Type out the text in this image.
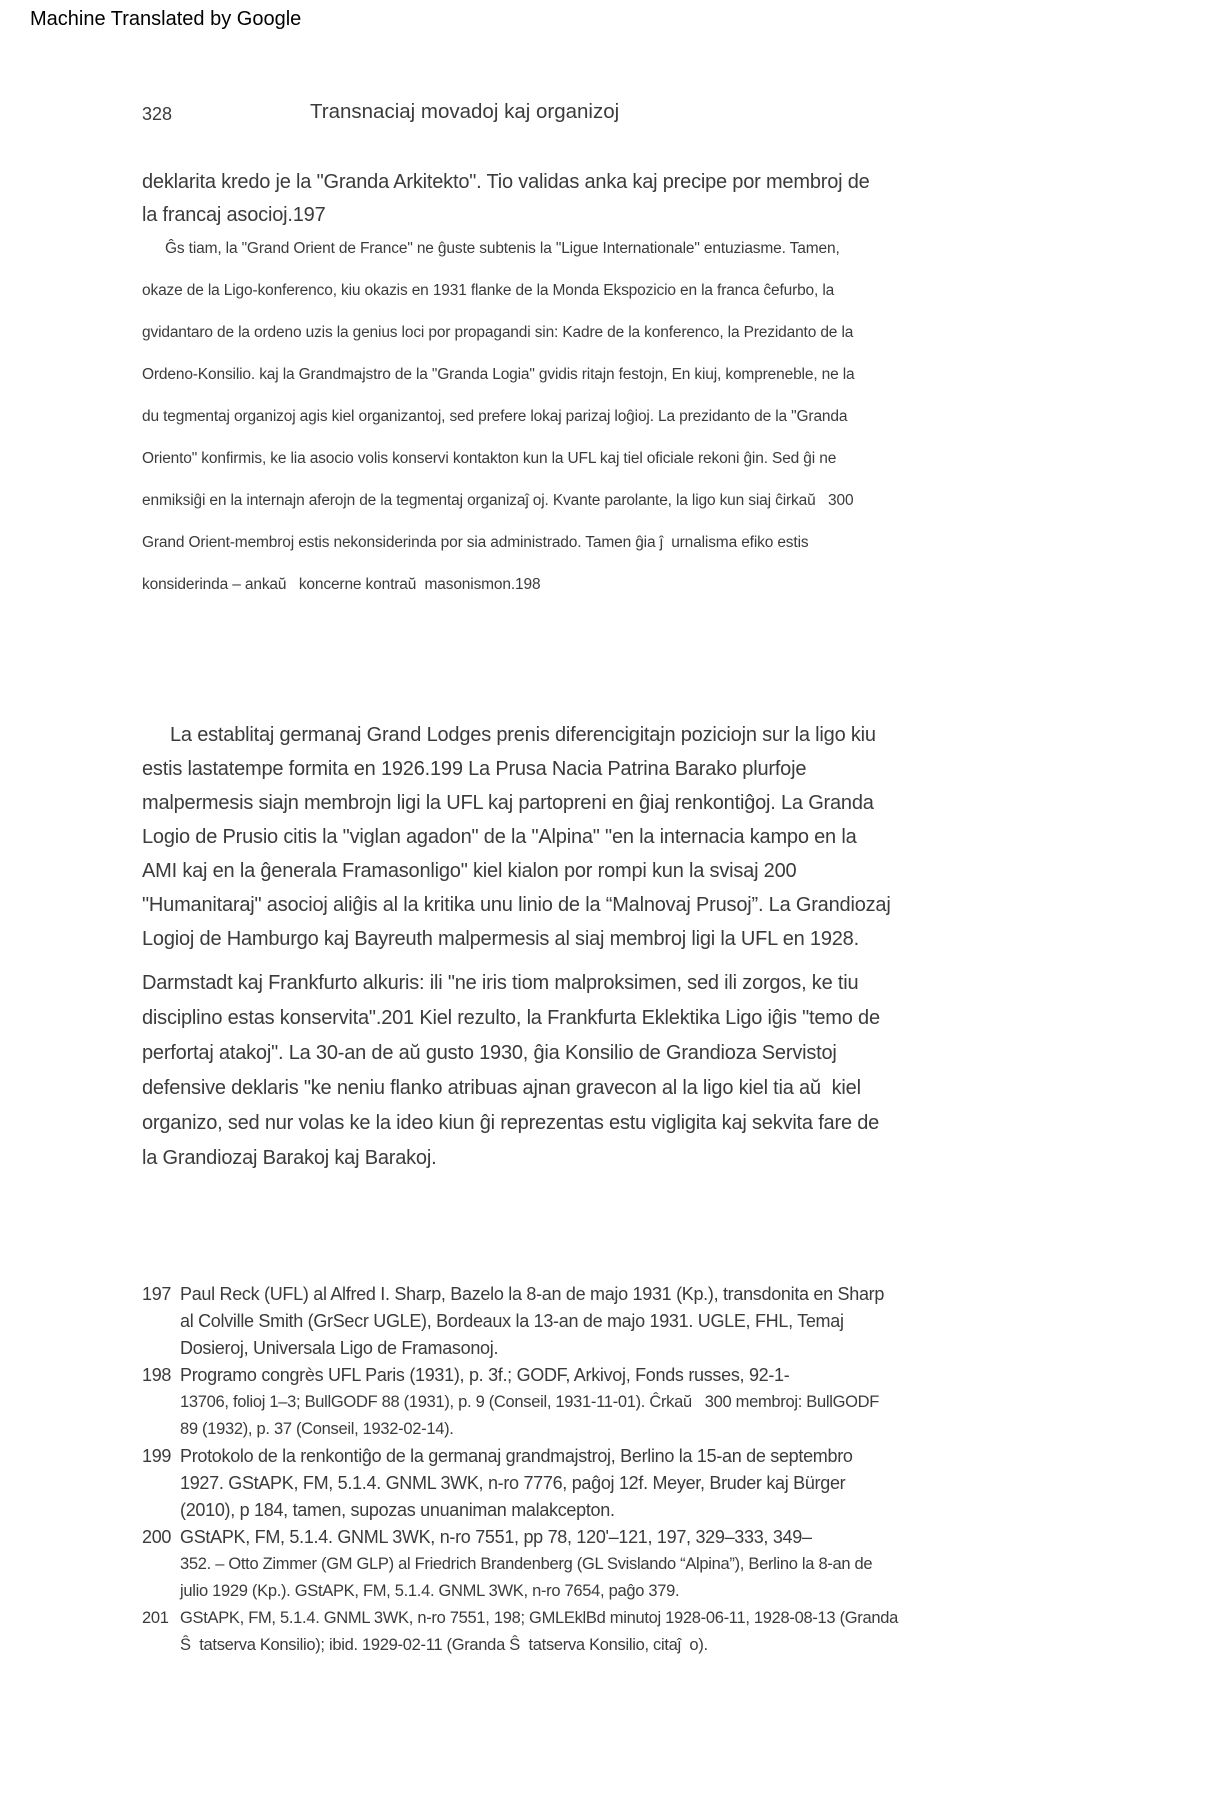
Machine Translated by Google
328	Transnaciaj movadoj kaj organizoj
deklarita kredo je la "Granda Arkitekto". Tio validas anka kaj precipe por membroj de
la francaj asocioj.197
Ĝs tiam, la "Grand Orient de France" ne ĝuste subtenis la "Ligue Internationale" entuziasme. Tamen,
okaze de la Ligo-konferenco, kiu okazis en 1931 flanke de la Monda Ekspozicio en la franca ĉefurbo, la
gvidantaro de la ordeno uzis la genius loci por propagandi sin: Kadre de la konferenco, la Prezidanto de la
Ordeno-Konsilio. kaj la Grandmajstro de la "Granda Logia" gvidis ritajn festojn, En kiuj, kompreneble, ne la
du tegmentaj organizoj agis kiel organizantoj, sed prefere lokaj parizaj loĝioj. La prezidanto de la "Granda
Oriento" konfirmis, ke lia asocio volis konservi kontakton kun la UFL kaj tiel oficiale rekoni ĝin. Sed ĝi ne
enmiksiĝi en la internajn aferojn de la tegmentaj organizaĵ oj. Kvante parolante, la ligo kun siaj ĉirkaŭ   300
Grand Orient-membroj estis nekonsiderinda por sia administrado. Tamen ĝia ĵ  urnalisma efiko estis
konsiderinda – ankaŭ   koncerne kontraŭ  masonismon.198
La establitaj germanaj Grand Lodges prenis diferencigitajn poziciojn sur la ligo kiu
estis lastatempe formita en 1926.199 La Prusa Nacia Patrina Barako plurfoje
malpermesis siajn membrojn ligi la UFL kaj partopreni en ĝiaj renkontiĝoj. La Granda
Logio de Prusio citis la "viglan agadon" de la "Alpina" "en la internacia kampo en la
AMI kaj en la ĝenerala Framasonligo" kiel kialon por rompi kun la svisaj 200
"Humanitaraj" asocioj aliĝis al la kritika unu linio de la “Malnovaj Prusoj”. La Grandiozaj
Logioj de Hamburgo kaj Bayreuth malpermesis al siaj membroj ligi la UFL en 1928.
Darmstadt kaj Frankfurto alkuris: ili "ne iris tiom malproksimen, sed ili zorgos, ke tiu
disciplino estas konservita".201 Kiel rezulto, la Frankfurta Eklektika Ligo iĝis "temo de
perfortaj atakoj". La 30-an de aŭ gusto 1930, ĝia Konsilio de Grandioza Servistoj
defensive deklaris "ke neniu flanko atribuas ajnan gravecon al la ligo kiel tia aŭ  kiel
organizo, sed nur volas ke la ideo kiun ĝi reprezentas estu vigligita kaj sekvita fare de
la Grandiozaj Barakoj kaj Barakoj.
197 Paul Reck (UFL) al Alfred I. Sharp, Bazelo la 8-an de majo 1931 (Kp.), transdonita en Sharp
al Colville Smith (GrSecr UGLE), Bordeaux la 13-an de majo 1931. UGLE, FHL, Temaj
Dosieroj, Universala Ligo de Framasonoj.
198 Programo congrès UFL Paris (1931), p. 3f.; GODF, Arkivoj, Fonds russes, 92-1-
13706, folioj 1–3; BullGODF 88 (1931), p. 9 (Conseil, 1931-11-01). Ĉrkaŭ   300 membroj: BullGODF
89 (1932), p. 37 (Conseil, 1932-02-14).
199 Protokolo de la renkontiĝo de la germanaj grandmajstroj, Berlino la 15-an de septembro
1927. GStAPK, FM, 5.1.4. GNML 3WK, n-ro 7776, paĝoj 12f. Meyer, Bruder kaj Bürger
(2010), p 184, tamen, supozas unuaniman malakcepton.
200 GStAPK, FM, 5.1.4. GNML 3WK, n-ro 7551, pp 78, 120'–121, 197, 329–333, 349–
352. – Otto Zimmer (GM GLP) al Friedrich Brandenberg (GL Svislando “Alpina”), Berlino la 8-an de
julio 1929 (Kp.). GStAPK, FM, 5.1.4. GNML 3WK, n-ro 7654, paĝo 379.
201 GStAPK, FM, 5.1.4. GNML 3WK, n-ro 7551, 198; GMLEklBd minutoj 1928-06-11, 1928-08-13 (Granda
Ŝ  tatserva Konsilio); ibid. 1929-02-11 (Granda Ŝ  tatserva Konsilio, citaĵ  o).
